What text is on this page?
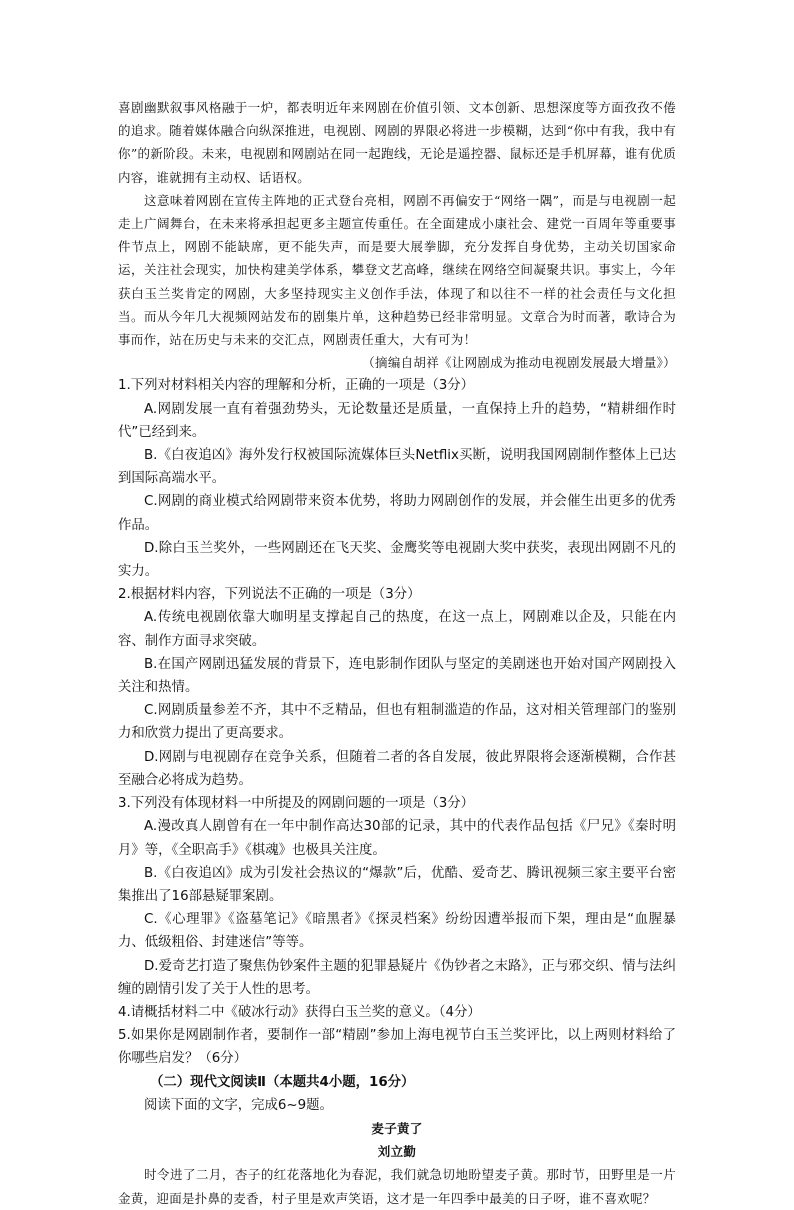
喜剧幽默叙事风格融于一炉，都表明近年来网剧在价值引领、文本创新、思想深度等方面孜孜不倦的追求。随着媒体融合向纵深推进，电视剧、网剧的界限必将进一步模糊，达到“你中有我，我中有你”的新阶段。未来，电视剧和网剧站在同一起跑线，无论是遥控器、鼠标还是手机屏幕，谁有优质内容，谁就拥有主动权、话语权。

这意味着网剧在宣传主阵地的正式登台亮相，网剧不再偏安于“网络一隅”，而是与电视剧一起走上广阔舞台，在未来将承担起更多主题宣传重任。在全面建成小康社会、建党一百周年等重要事件节点上，网剧不能缺席，更不能失声，而是要大展拳脚，充分发挥自身优势，主动关切国家命运，关注社会现实，加快构建美学体系，攀登文艺高峰，继续在网络空间凝聚共识。事实上，今年获白玉兰奖肯定的网剧，大多坚持现实主义创作手法，体现了和以往不一样的社会责任与文化担当。而从今年几大视频网站发布的剧集片单，这种趋势已经非常明显。文章合为时而著，歌诗合为事而作，站在历史与未来的交汇点，网剧责任重大，大有可为！

（摘编自胡祥《让网剧成为推动电视剧发展最大增量》）

1.下列对材料相关内容的理解和分析，正确的一项是（3分）

A.网剧发展一直有着强劲势头，无论数量还是质量，一直保持上升的趋势，“精耕细作时代”已经到来。

B.《白夜追凶》海外发行权被国际流媒体巨头Netflix买断，说明我国网剧制作整体上已达到国际高端水平。

C.网剧的商业模式给网剧带来资本优势，将助力网剧创作的发展，并会催生出更多的优秀作品。

D.除白玉兰奖外，一些网剧还在飞天奖、金鹰奖等电视剧大奖中获奖，表现出网剧不凡的实力。

2.根据材料内容，下列说法不正确的一项是（3分）

A.传统电视剧依靠大咖明星支撑起自己的热度，在这一点上，网剧难以企及，只能在内容、制作方面寻求突破。

B.在国产网剧迅猛发展的背景下，连电影制作团队与坚定的美剧迷也开始对国产网剧投入关注和热情。

C.网剧质量参差不齐，其中不乏精品，但也有粗制滥造的作品，这对相关管理部门的鉴别力和欣赏力提出了更高要求。

D.网剧与电视剧存在竞争关系，但随着二者的各自发展，彼此界限将会逐渐模糊，合作甚至融合必将成为趋势。

3.下列没有体现材料一中所提及的网剧问题的一项是（3分）

A.漫改真人剧曾有在一年中制作高达30部的记录，其中的代表作品包括《尸兄》《秦时明月》等，《全职高手》《棋魂》也极具关注度。

B.《白夜追凶》成为引发社会热议的“爆款”后，优酷、爱奇艺、腾讯视频三家主要平台密集推出了16部悬疑罪案剧。

C.《心理罪》《盗墓笔记》《暗黑者》《探灵档案》纷纷因遭举报而下架，理由是“血腥暴力、低级粗俗、封建迷信”等等。

D.爱奇艺打造了聚焦伪钞案件主题的犯罪悬疑片《伪钞者之末路》，正与邪交织、情与法纠缠的剧情引发了关于人性的思考。

4.请概括材料二中《破冰行动》获得白玉兰奖的意义。（4分）

5.如果你是网剧制作者，要制作一部“精剧”参加上海电视节白玉兰奖评比，以上两则材料给了你哪些启发？（6分）

（二）现代文阅读Ⅱ（本题共4小题，16分）

阅读下面的文字，完成6~9题。

麦子黄了

刘立勤

时令进了二月，杏子的红花落地化为春泥，我们就急切地盼望麦子黄。那时节，田野里是一片金黄，迎面是扑鼻的麦香，村子里是欢声笑语，这才是一年四季中最美的日子呀，谁不喜欢呢？
